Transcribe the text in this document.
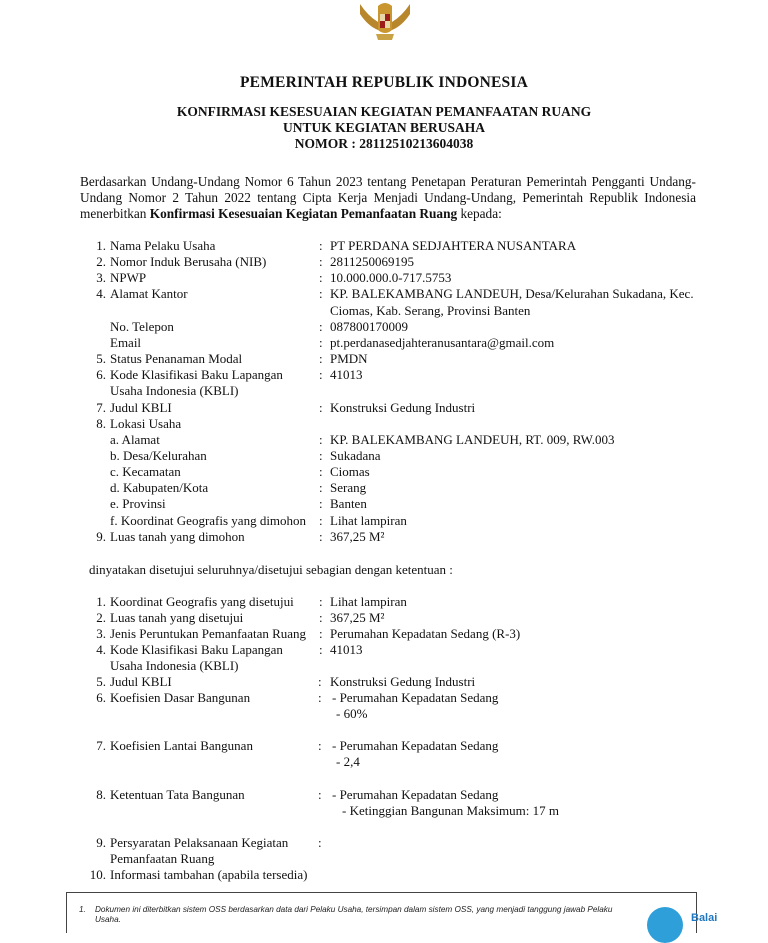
PEMERINTAH REPUBLIK INDONESIA
KONFIRMASI KESESUAIAN KEGIATAN PEMANFAATAN RUANG
UNTUK KEGIATAN BERUSAHA
NOMOR : 28112510213604038
Berdasarkan Undang-Undang Nomor 6 Tahun 2023 tentang Penetapan Peraturan Pemerintah Pengganti Undang-Undang Nomor 2 Tahun 2022 tentang Cipta Kerja Menjadi Undang-Undang, Pemerintah Republik Indonesia menerbitkan Konfirmasi Kesesuaian Kegiatan Pemanfaatan Ruang kepada:
1. Nama Pelaku Usaha	: PT PERDANA SEDJAHTERA NUSANTARA
2. Nomor Induk Berusaha (NIB)	: 2811250069195
3. NPWP	: 10.000.000.0-717.5753
4. Alamat Kantor	: KP. BALEKAMBANG LANDEUH, Desa/Kelurahan Sukadana, Kec.
Ciomas, Kab. Serang, Provinsi Banten
No. Telepon	: 087800170009
Email	: pt.perdanasedjahteranusantara@gmail.com
5. Status Penanaman Modal	: PMDN
6. Kode Klasifikasi Baku Lapangan	: 41013
Usaha Indonesia (KBLI)
7. Judul KBLI	: Konstruksi Gedung Industri
8. Lokasi Usaha
a. Alamat	: KP. BALEKAMBANG LANDEUH, RT. 009, RW.003
b. Desa/Kelurahan	: Sukadana
c. Kecamatan	: Ciomas
d. Kabupaten/Kota	: Serang
e. Provinsi	: Banten
f. Koordinat Geografis yang dimohon : Lihat lampiran
9. Luas tanah yang dimohon	: 367,25 M²
dinyatakan disetujui seluruhnya/disetujui sebagian dengan ketentuan :
1. Koordinat Geografis yang disetujui : Lihat lampiran
2. Luas tanah yang disetujui	: 367,25 M²
3. Jenis Peruntukan Pemanfaatan Ruang : Perumahan Kepadatan Sedang (R-3)
4. Kode Klasifikasi Baku Lapangan	: 41013
Usaha Indonesia (KBLI)
5. Judul KBLI	: Konstruksi Gedung Industri
6. Koefisien Dasar Bangunan	: - Perumahan Kepadatan Sedang
- 60%
7. Koefisien Lantai Bangunan	: - Perumahan Kepadatan Sedang
- 2,4
8. Ketentuan Tata Bangunan	: - Perumahan Kepadatan Sedang
- Ketinggian Bangunan Maksimum: 17 m
9. Persyaratan Pelaksanaan Kegiatan :
Pemanfaatan Ruang
10. Informasi tambahan (apabila tersedia)
1. Dokumen ini diterbitkan sistem OSS berdasarkan data dari Pelaku Usaha, tersimpan dalam sistem OSS, yang menjadi tanggung jawab Pelaku Usaha.	Balai
